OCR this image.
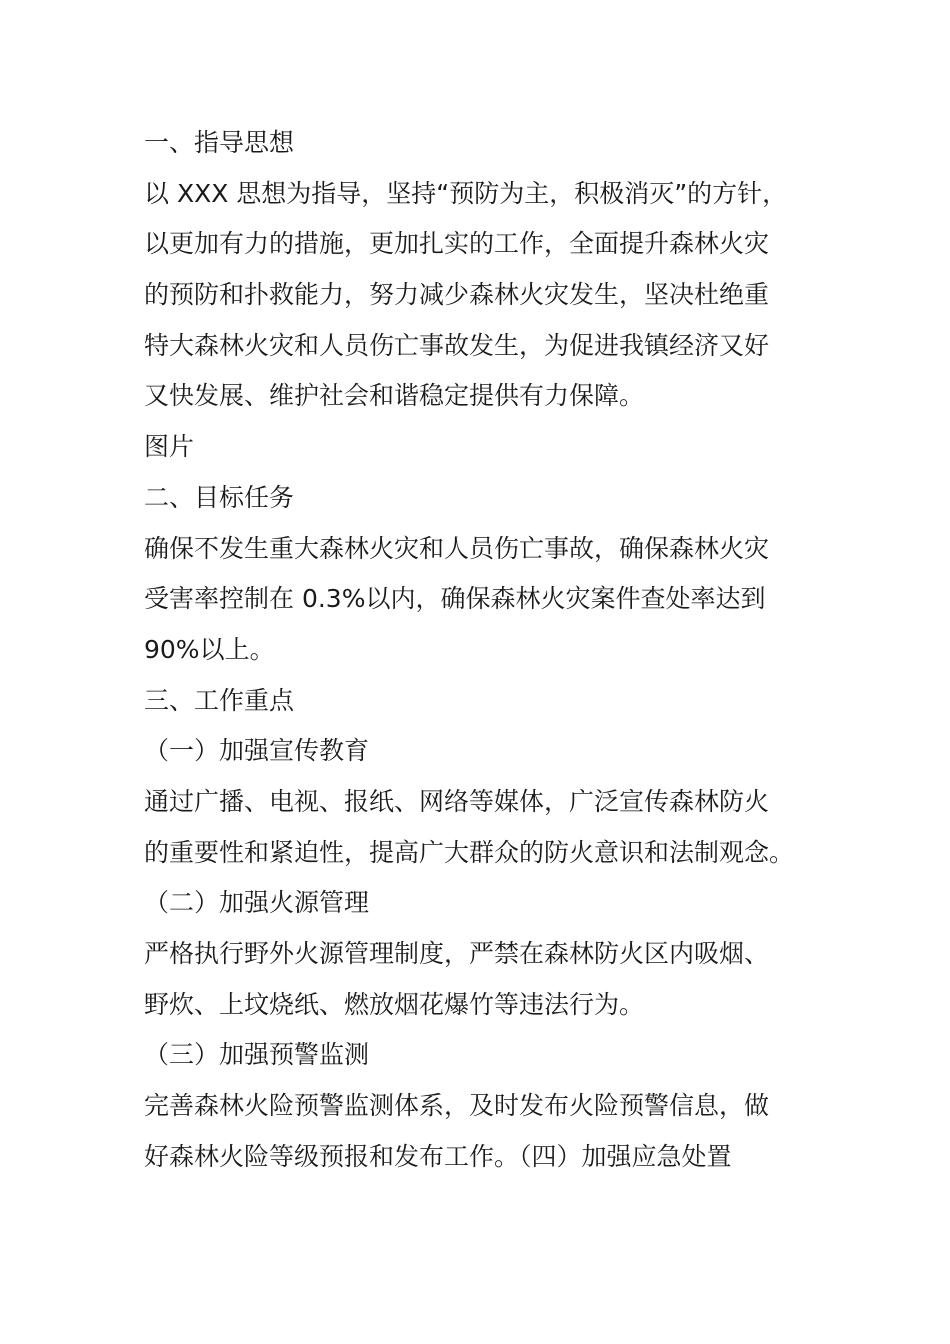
一、指导思想
以 XXX 思想为指导，坚持“预防为主，积极消灭”的方针，
以更加有力的措施，更加扎实的工作，全面提升森林火灾
的预防和扑救能力，努力减少森林火灾发生，坚决杜绝重
特大森林火灾和人员伤亡事故发生，为促进我镇经济又好
又快发展、维护社会和谐稳定提供有力保障。
图片
二、目标任务
确保不发生重大森林火灾和人员伤亡事故，确保森林火灾
受害率控制在 0.3%以内，确保森林火灾案件查处率达到
90%以上。
三、工作重点
（一）加强宣传教育
通过广播、电视、报纸、网络等媒体，广泛宣传森林防火
的重要性和紧迫性，提高广大群众的防火意识和法制观念。
（二）加强火源管理
严格执行野外火源管理制度，严禁在森林防火区内吸烟、
野炊、上坟烧纸、燃放烟花爆竹等违法行为。
（三）加强预警监测
完善森林火险预警监测体系，及时发布火险预警信息，做
好森林火险等级预报和发布工作。（四）加强应急处置
